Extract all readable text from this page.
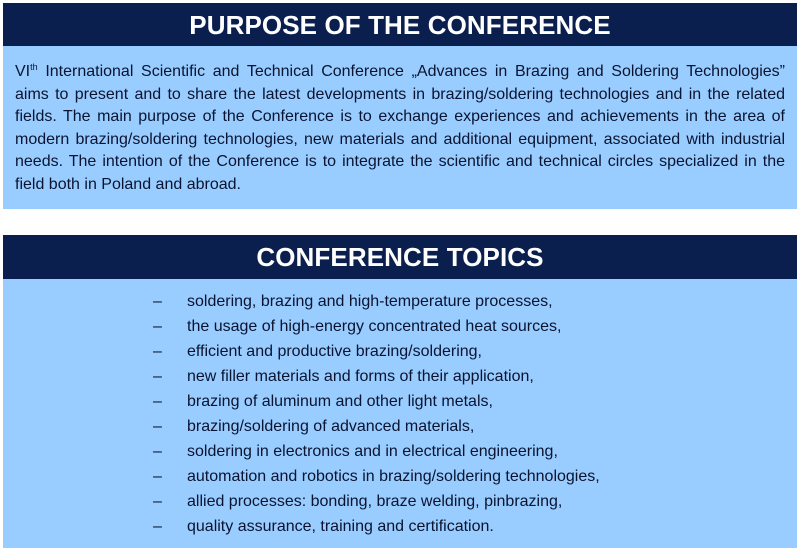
PURPOSE OF THE CONFERENCE

VIth International Scientific and Technical Conference „Advances in Brazing and Soldering Technologies” aims to present and to share the latest developments in brazing/soldering technologies and in the related fields. The main purpose of the Conference is to exchange experiences and achievements in the area of modern brazing/soldering technologies, new materials and additional equipment, associated with industrial needs. The intention of the Conference is to integrate the scientific and technical circles specialized in the field both in Poland and abroad.

CONFERENCE TOPICS
– soldering, brazing and high-temperature processes,
– the usage of high-energy concentrated heat sources,
– efficient and productive brazing/soldering,
– new filler materials and forms of their application,
– brazing of aluminum and other light metals,
– brazing/soldering of advanced materials,
– soldering in electronics and in electrical engineering,
– automation and robotics in brazing/soldering technologies,
– allied processes: bonding, braze welding, pinbrazing,
– quality assurance, training and certification.
